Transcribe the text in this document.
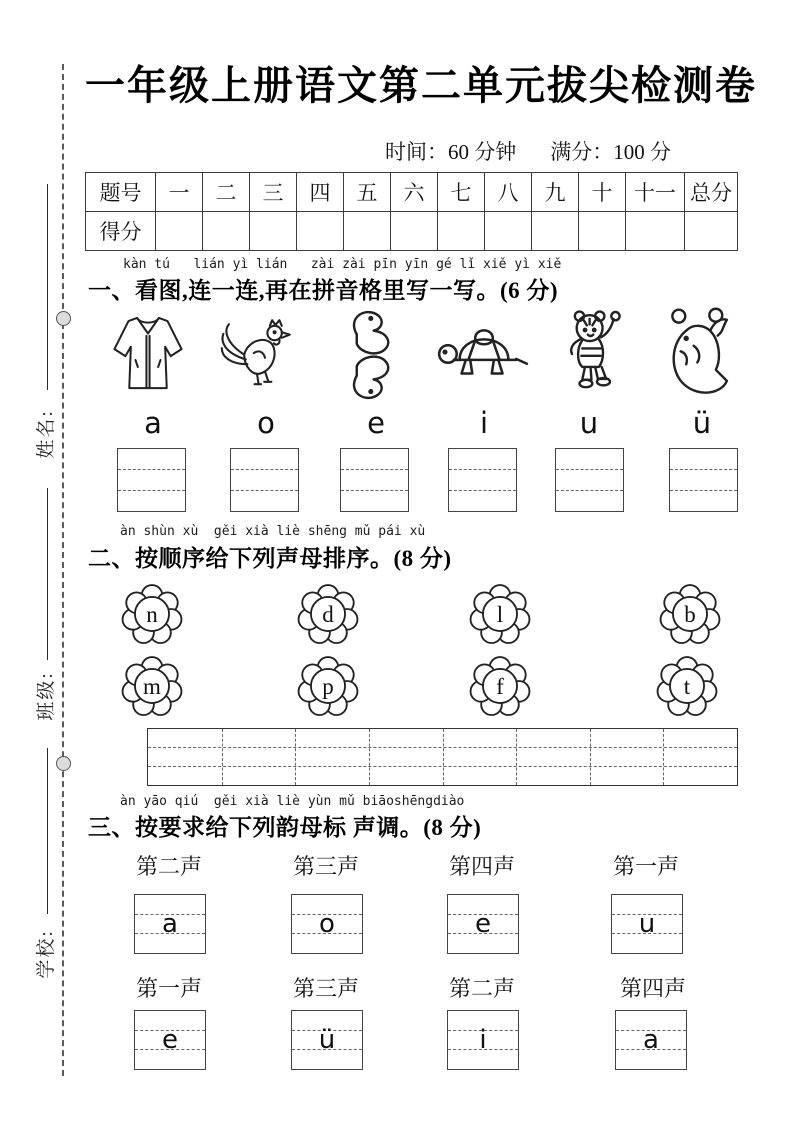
姓名:
班级:
学校:
一年级上册语文第二单元拔尖检测卷
时间：60 分钟 满分：100 分
题号	一	二	三	四	五	六	七	八	九	十	十一	总分
得分												
kàn tú   lián yì lián   zài zài pīn yīn gé lǐ xiě yì xiě
一、看图,连一连,再在拼音格里写一写。(6 分)
a	o	e	i	u	ü
àn shùn xù  gěi xià liè shēng mǔ pái xù
二、按顺序给下列声母排序。(8 分)
n	d	l	b
m	p	f	t
àn yāo qiú  gěi xià liè yùn mǔ biāoshēngdiào
三、按要求给下列韵母标 声调。(8 分)
第二声	第三声	第四声	第一声
a	o	e	u
第一声	第三声	第二声	第四声
e	ü	i	a
